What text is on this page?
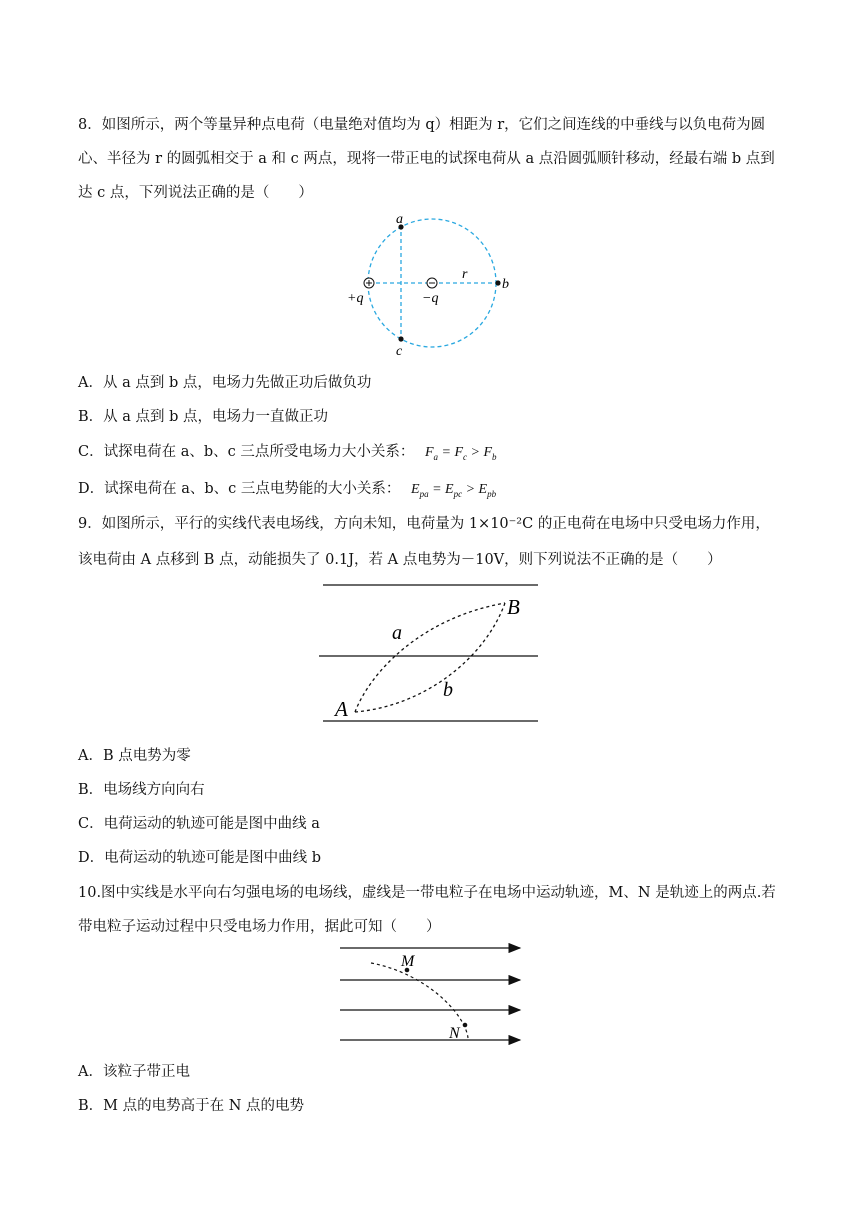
8．如图所示，两个等量异种点电荷（电量绝对值均为 q）相距为 r，它们之间连线的中垂线与以负电荷为圆
心、半径为 r 的圆弧相交于 a 和 c 两点，现将一带正电的试探电荷从 a 点沿圆弧顺针移动，经最右端 b 点到
达 c 点，下列说法正确的是（　　）
a
c
b
r
+q	−q
A．从 a 点到 b 点，电场力先做正功后做负功
B．从 a 点到 b 点，电场力一直做正功
C．试探电荷在 a、b、c 三点所受电场力大小关系： $F_a = F_c > F_b$
D．试探电荷在 a、b、c 三点电势能的大小关系： $E_{pa} = E_{pc} > E_{pb}$
9．如图所示，平行的实线代表电场线，方向未知，电荷量为 1×10⁻²C 的正电荷在电场中只受电场力作用，
该电荷由 A 点移到 B 点，动能损失了 0.1J，若 A 点电势为－10V，则下列说法不正确的是（　　）
A
B
a
b
A．B 点电势为零
B．电场线方向向右
C．电荷运动的轨迹可能是图中曲线 a
D．电荷运动的轨迹可能是图中曲线 b
10.图中实线是水平向右匀强电场的电场线，虚线是一带电粒子在电场中运动轨迹，M、N 是轨迹上的两点.若
带电粒子运动过程中只受电场力作用，据此可知（　　）
M
N
A．该粒子带正电
B．M 点的电势高于在 N 点的电势
